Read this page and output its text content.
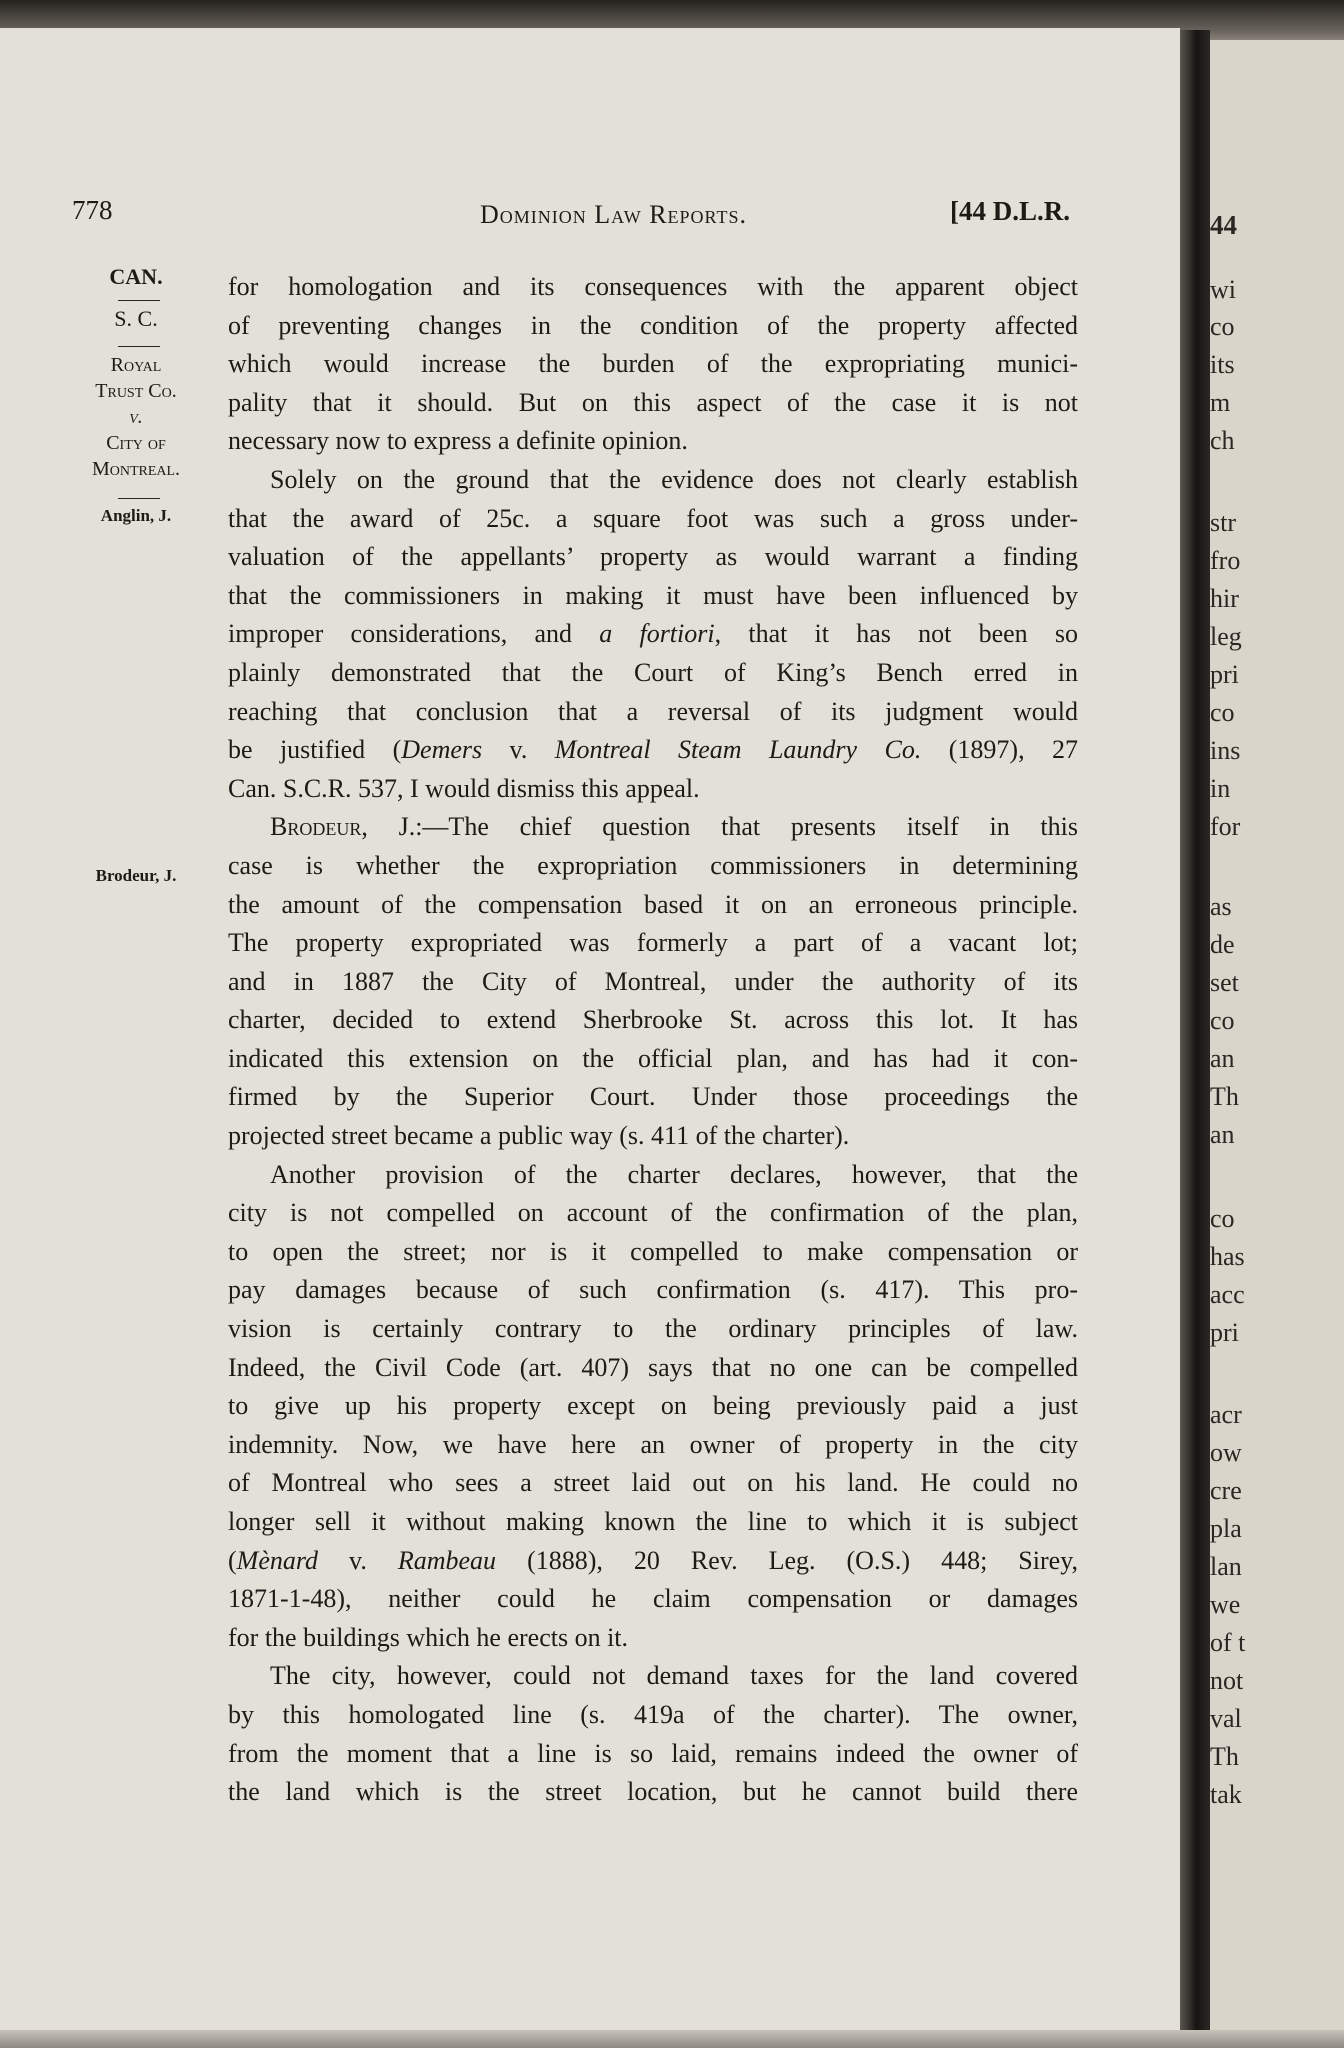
44
wi
co
its
m
ch
str
fro
hir
leg
pri
co
ins
in
for
as
de
set
co
an
Th
an
co
has
acc
pri
acr
ow
cre
pla
lan
we
of t
not
val
Th
tak
778	Dominion Law Reports.	[44 D.L.R.
CAN.
S. C.
Royal
Trust Co.
v.
City of
Montreal.
Anglin, J.
Brodeur, J.

for homologation and its consequences with the apparent object

of preventing changes in the condition of the property affected

which would increase the burden of the expropriating munici-

pality that it should. But on this aspect of the case it is not

necessary now to express a definite opinion.

Solely on the ground that the evidence does not clearly establish

that the award of 25c. a square foot was such a gross under-

valuation of the appellants’ property as would warrant a finding

that the commissioners in making it must have been influenced by

improper considerations, and a fortiori, that it has not been so

plainly demonstrated that the Court of King’s Bench erred in

reaching that conclusion that a reversal of its judgment would

be justified (Demers v. Montreal Steam Laundry Co. (1897), 27

Can. S.C.R. 537, I would dismiss this appeal.

Brodeur, J.:—The chief question that presents itself in this

case is whether the expropriation commissioners in determining

the amount of the compensation based it on an erroneous principle.

The property expropriated was formerly a part of a vacant lot;

and in 1887 the City of Montreal, under the authority of its

charter, decided to extend Sherbrooke St. across this lot. It has

indicated this extension on the official plan, and has had it con-

firmed by the Superior Court. Under those proceedings the

projected street became a public way (s. 411 of the charter).

Another provision of the charter declares, however, that the

city is not compelled on account of the confirmation of the plan,

to open the street; nor is it compelled to make compensation or

pay damages because of such confirmation (s. 417). This pro-

vision is certainly contrary to the ordinary principles of law.

Indeed, the Civil Code (art. 407) says that no one can be compelled

to give up his property except on being previously paid a just

indemnity. Now, we have here an owner of property in the city

of Montreal who sees a street laid out on his land. He could no

longer sell it without making known the line to which it is subject

(Mènard v. Rambeau (1888), 20 Rev. Leg. (O.S.) 448; Sirey,

1871-1-48), neither could he claim compensation or damages

for the buildings which he erects on it.

The city, however, could not demand taxes for the land covered

by this homologated line (s. 419a of the charter). The owner,

from the moment that a line is so laid, remains indeed the owner of

the land which is the street location, but he cannot build there
